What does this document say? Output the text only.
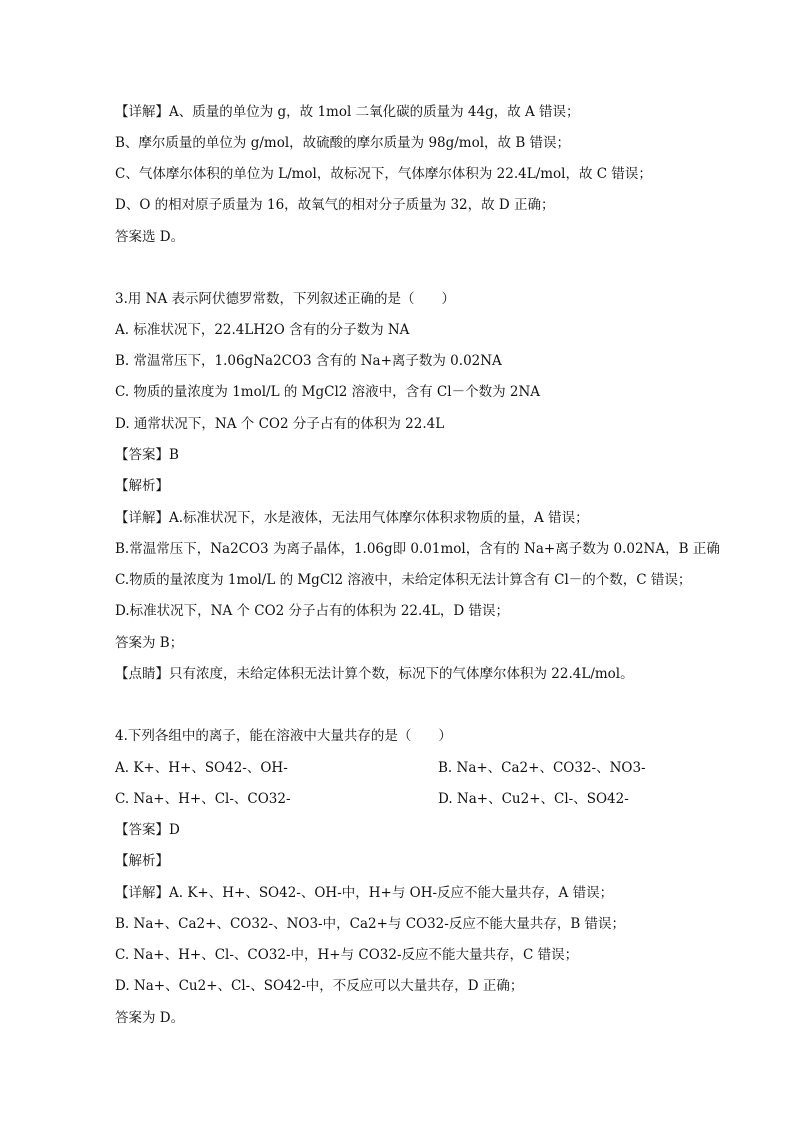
【详解】A、质量的单位为 g，故 1mol 二氧化碳的质量为 44g，故 A 错误；
B、摩尔质量的单位为 g/mol，故硫酸的摩尔质量为 98g/mol，故 B 错误；
C、气体摩尔体积的单位为 L/mol，故标况下，气体摩尔体积为 22.4L/mol，故 C 错误；
D、O 的相对原子质量为 16，故氧气的相对分子质量为 32，故 D 正确；
答案选 D。
3.用 NA 表示阿伏德罗常数，下列叙述正确的是（　　）
A. 标准状况下，22.4LH2O 含有的分子数为 NA
B. 常温常压下，1.06gNa2CO3 含有的 Na+离子数为 0.02NA
C. 物质的量浓度为 1mol/L 的 MgCl2 溶液中，含有 Cl－个数为 2NA
D. 通常状况下，NA 个 CO2 分子占有的体积为 22.4L
【答案】B
【解析】
【详解】A.标准状况下，水是液体，无法用气体摩尔体积求物质的量，A 错误；
B.常温常压下，Na2CO3 为离子晶体，1.06g即 0.01mol，含有的 Na+离子数为 0.02NA，B 正确
C.物质的量浓度为 1mol/L 的 MgCl2 溶液中，未给定体积无法计算含有 Cl－的个数，C 错误；
D.标准状况下，NA 个 CO2 分子占有的体积为 22.4L，D 错误；
答案为 B；
【点睛】只有浓度，未给定体积无法计算个数，标况下的气体摩尔体积为 22.4L/mol。
4.下列各组中的离子，能在溶液中大量共存的是（　　）
A. K+、H+、SO42-、OH-	B. Na+、Ca2+、CO32-、NO3-
C. Na+、H+、Cl-、CO32-	D. Na+、Cu2+、Cl-、SO42-
【答案】D
【解析】
【详解】A. K+、H+、SO42-、OH-中，H+与 OH-反应不能大量共存，A 错误；
B. Na+、Ca2+、CO32-、NO3-中，Ca2+与 CO32-反应不能大量共存，B 错误；
C. Na+、H+、Cl-、CO32-中，H+与 CO32-反应不能大量共存，C 错误；
D. Na+、Cu2+、Cl-、SO42-中，不反应可以大量共存，D 正确；
答案为 D。
